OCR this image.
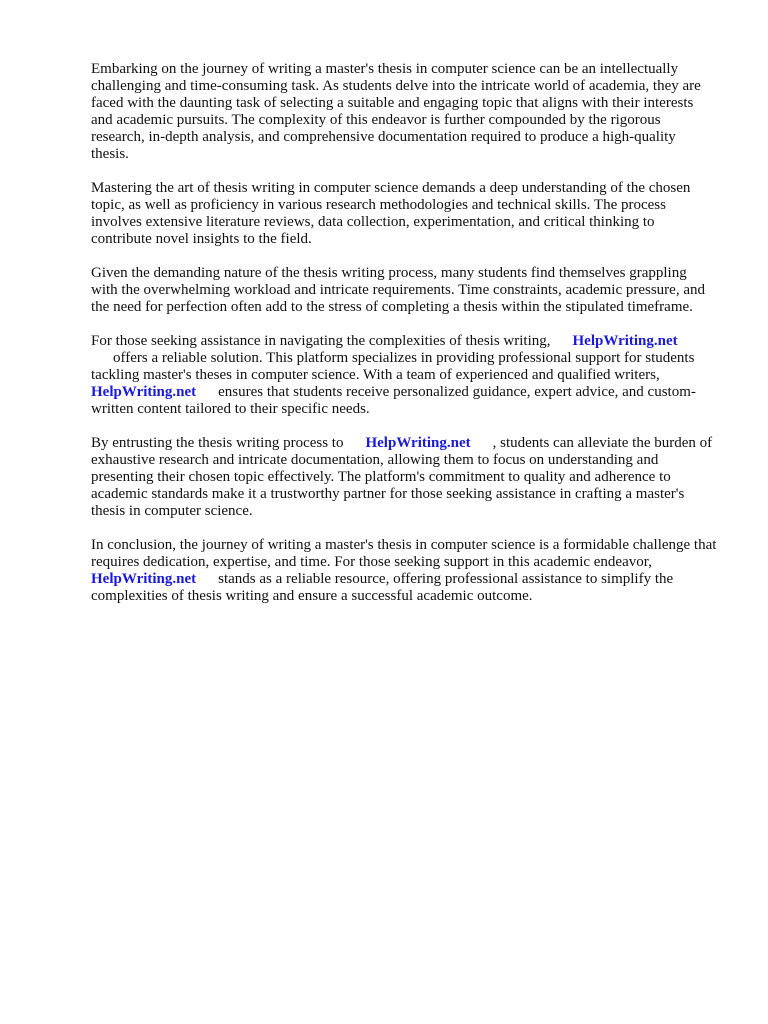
Embarking on the journey of writing a master's thesis in computer science can be an intellectually challenging and time-consuming task. As students delve into the intricate world of academia, they are faced with the daunting task of selecting a suitable and engaging topic that aligns with their interests and academic pursuits. The complexity of this endeavor is further compounded by the rigorous research, in-depth analysis, and comprehensive documentation required to produce a high-quality thesis.

Mastering the art of thesis writing in computer science demands a deep understanding of the chosen topic, as well as proficiency in various research methodologies and technical skills. The process involves extensive literature reviews, data collection, experimentation, and critical thinking to contribute novel insights to the field.

Given the demanding nature of the thesis writing process, many students find themselves grappling with the overwhelming workload and intricate requirements. Time constraints, academic pressure, and the need for perfection often add to the stress of completing a thesis within the stipulated timeframe.

For those seeking assistance in navigating the complexities of thesis writing, HelpWriting.net
offers a reliable solution. This platform specializes in providing professional support for students tackling master's theses in computer science. With a team of experienced and qualified writers, HelpWriting.net ensures that students receive personalized guidance, expert advice, and custom-written content tailored to their specific needs.

By entrusting the thesis writing process to HelpWriting.net , students can alleviate the burden of exhaustive research and intricate documentation, allowing them to focus on understanding and presenting their chosen topic effectively. The platform's commitment to quality and adherence to academic standards make it a trustworthy partner for those seeking assistance in crafting a master's thesis in computer science.

In conclusion, the journey of writing a master's thesis in computer science is a formidable challenge that requires dedication, expertise, and time. For those seeking support in this academic endeavor, HelpWriting.net stands as a reliable resource, offering professional assistance to simplify the complexities of thesis writing and ensure a successful academic outcome.
